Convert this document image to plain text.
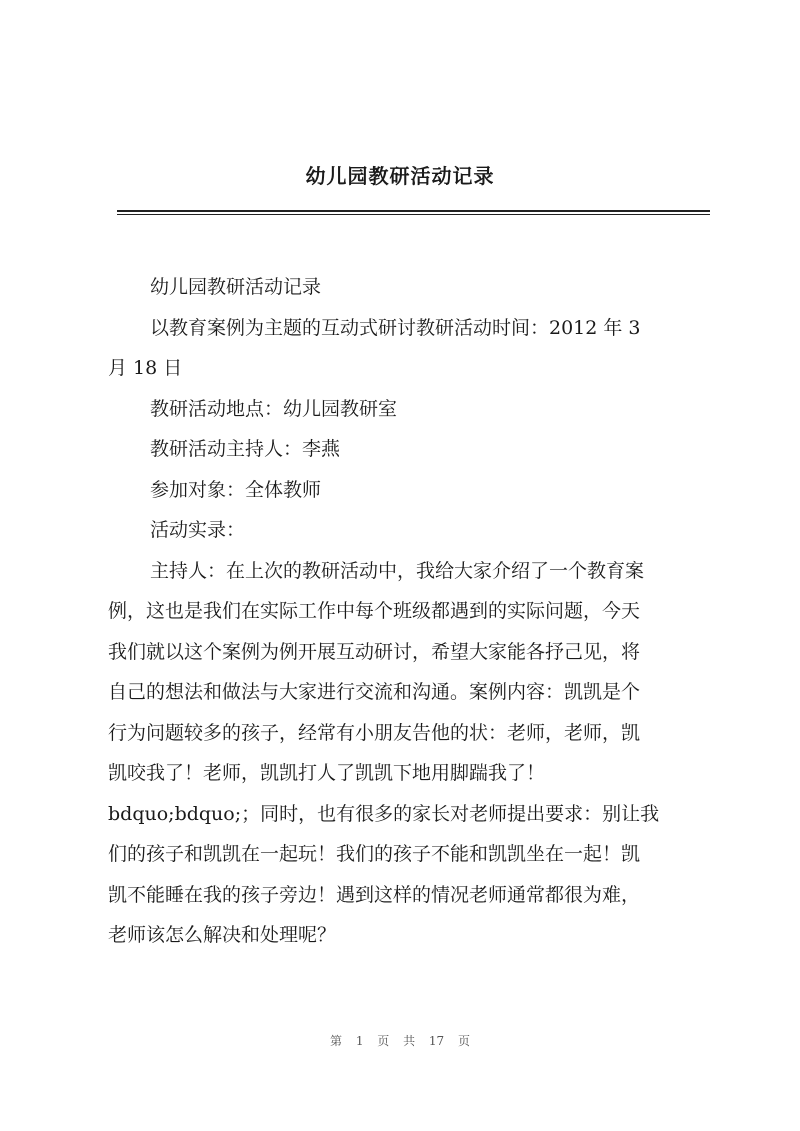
幼儿园教研活动记录
幼儿园教研活动记录
以教育案例为主题的互动式研讨教研活动时间：2012 年 3
月 18 日
教研活动地点：幼儿园教研室
教研活动主持人：李燕
参加对象：全体教师
活动实录：
主持人：在上次的教研活动中，我给大家介绍了一个教育案
例，这也是我们在实际工作中每个班级都遇到的实际问题，今天
我们就以这个案例为例开展互动研讨，希望大家能各抒己见，将
自己的想法和做法与大家进行交流和沟通。案例内容：凯凯是个
行为问题较多的孩子，经常有小朋友告他的状：老师，老师，凯
凯咬我了！老师，凯凯打人了凯凯下地用脚踹我了！
bdquo;bdquo;；同时，也有很多的家长对老师提出要求：别让我
们的孩子和凯凯在一起玩！我们的孩子不能和凯凯坐在一起！凯
凯不能睡在我的孩子旁边！遇到这样的情况老师通常都很为难，
老师该怎么解决和处理呢？
第 1 页 共 17 页
